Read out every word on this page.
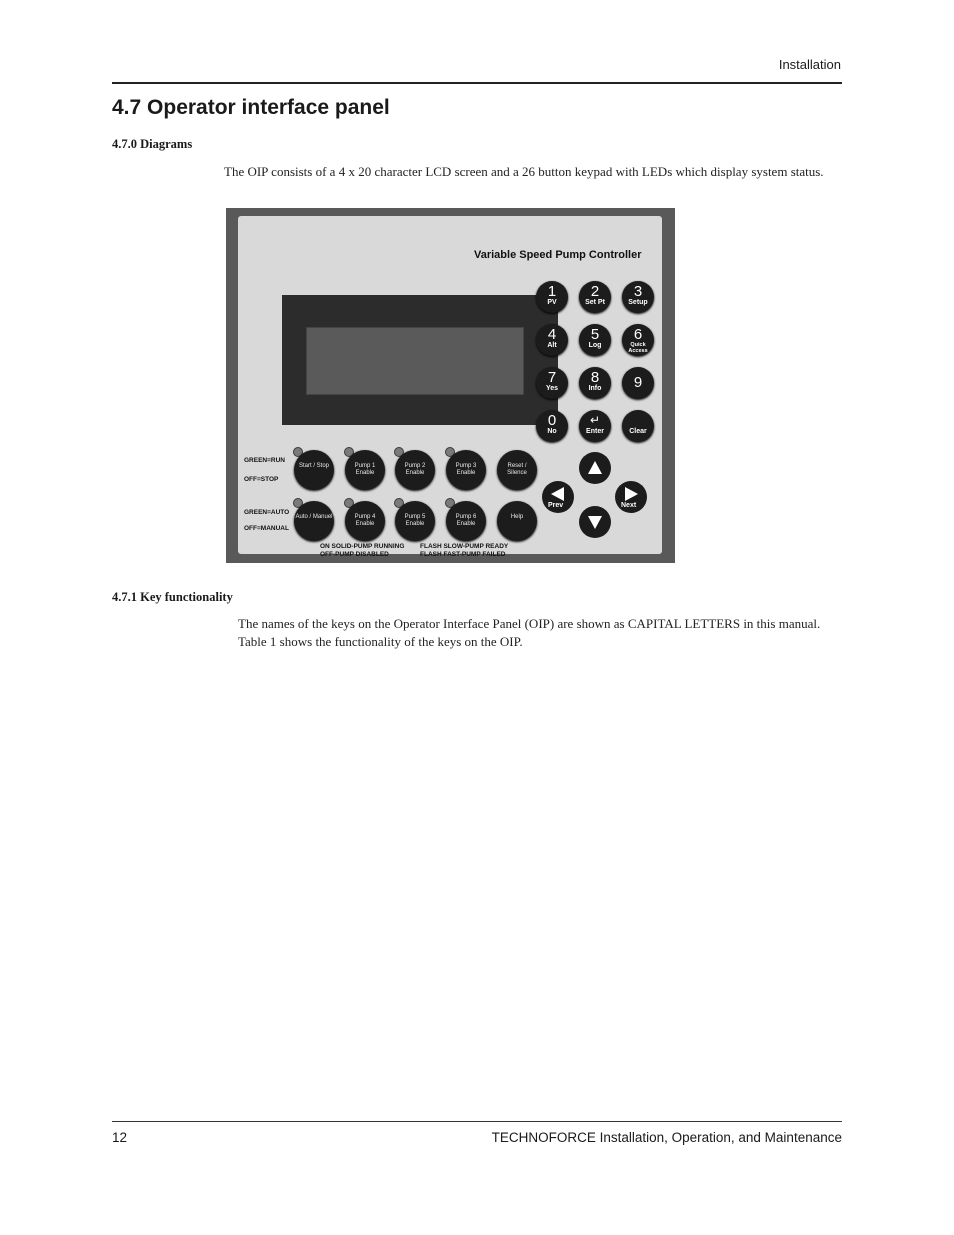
Installation
4.7 Operator interface panel
4.7.0 Diagrams
The OIP consists of a 4 x 20 character LCD screen and a 26 button keypad with LEDs which display system status.
Variable Speed Pump Controller
1
PV
2
Set Pt
3
Setup
4
Alt
5
Log
6
Quick Access
7
Yes
8
Info	9
0
No
↵
Enter	Clear
GREEN=RUN
OFF=STOP
GREEN=AUTO
OFF=MANUAL
Start / Stop	Pump 1 Enable
Pump 2 Enable
Pump 3 Enable
Reset / Silence
Auto / Manuel	Pump 4 Enable
Pump 5 Enable
Pump 6 Enable
Help
ON SOLID-PUMP RUNNING
OFF-PUMP DISABLED
FLASH SLOW-PUMP READY
FLASH FAST-PUMP FAILED
Prev	Next
4.7.1 Key functionality
The names of the keys on the Operator Interface Panel (OIP) are shown as CAPITAL LETTERS in this manual. Table 1 shows the functionality of the keys on the OIP.
12	TECHNOFORCE Installation, Operation, and Maintenance
